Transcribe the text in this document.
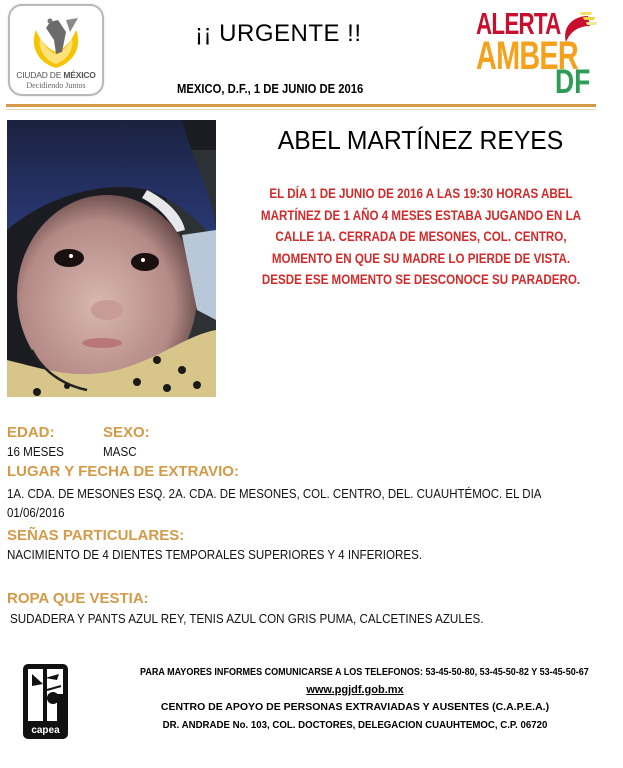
CIUDAD DE MÉXICO
Decidiendo Juntos
¡¡ URGENTE !!
MEXICO, D.F., 1 DE JUNIO DE 2016
ALERTA
AMBER
DF
ABEL MARTÍNEZ REYES
EL DÍA 1 DE JUNIO DE 2016 A LAS 19:30 HORAS ABEL MARTÍNEZ DE 1 AÑO 4 MESES ESTABA JUGANDO EN LA CALLE 1A. CERRADA DE MESONES, COL. CENTRO, MOMENTO EN QUE SU MADRE LO PIERDE DE VISTA. DESDE ESE MOMENTO SE DESCONOCE SU PARADERO.
EDAD:	SEXO:
16 MESES	MASC
LUGAR Y FECHA DE EXTRAVIO:
1A. CDA. DE MESONES ESQ. 2A. CDA. DE MESONES, COL. CENTRO, DEL. CUAUHTÉMOC. EL DIA 01/06/2016
SEÑAS PARTICULARES:
NACIMIENTO DE 4 DIENTES TEMPORALES SUPERIORES Y 4 INFERIORES.
ROPA QUE VESTIA:
SUDADERA Y PANTS AZUL REY, TENIS AZUL CON GRIS PUMA, CALCETINES AZULES.
capea
PARA MAYORES INFORMES COMUNICARSE A LOS TELEFONOS: 53-45-50-80, 53-45-50-82 Y 53-45-50-67
www.pgjdf.gob.mx
CENTRO DE APOYO DE PERSONAS EXTRAVIADAS Y AUSENTES (C.A.P.E.A.)
DR. ANDRADE No. 103, COL. DOCTORES, DELEGACION CUAUHTEMOC, C.P. 06720
